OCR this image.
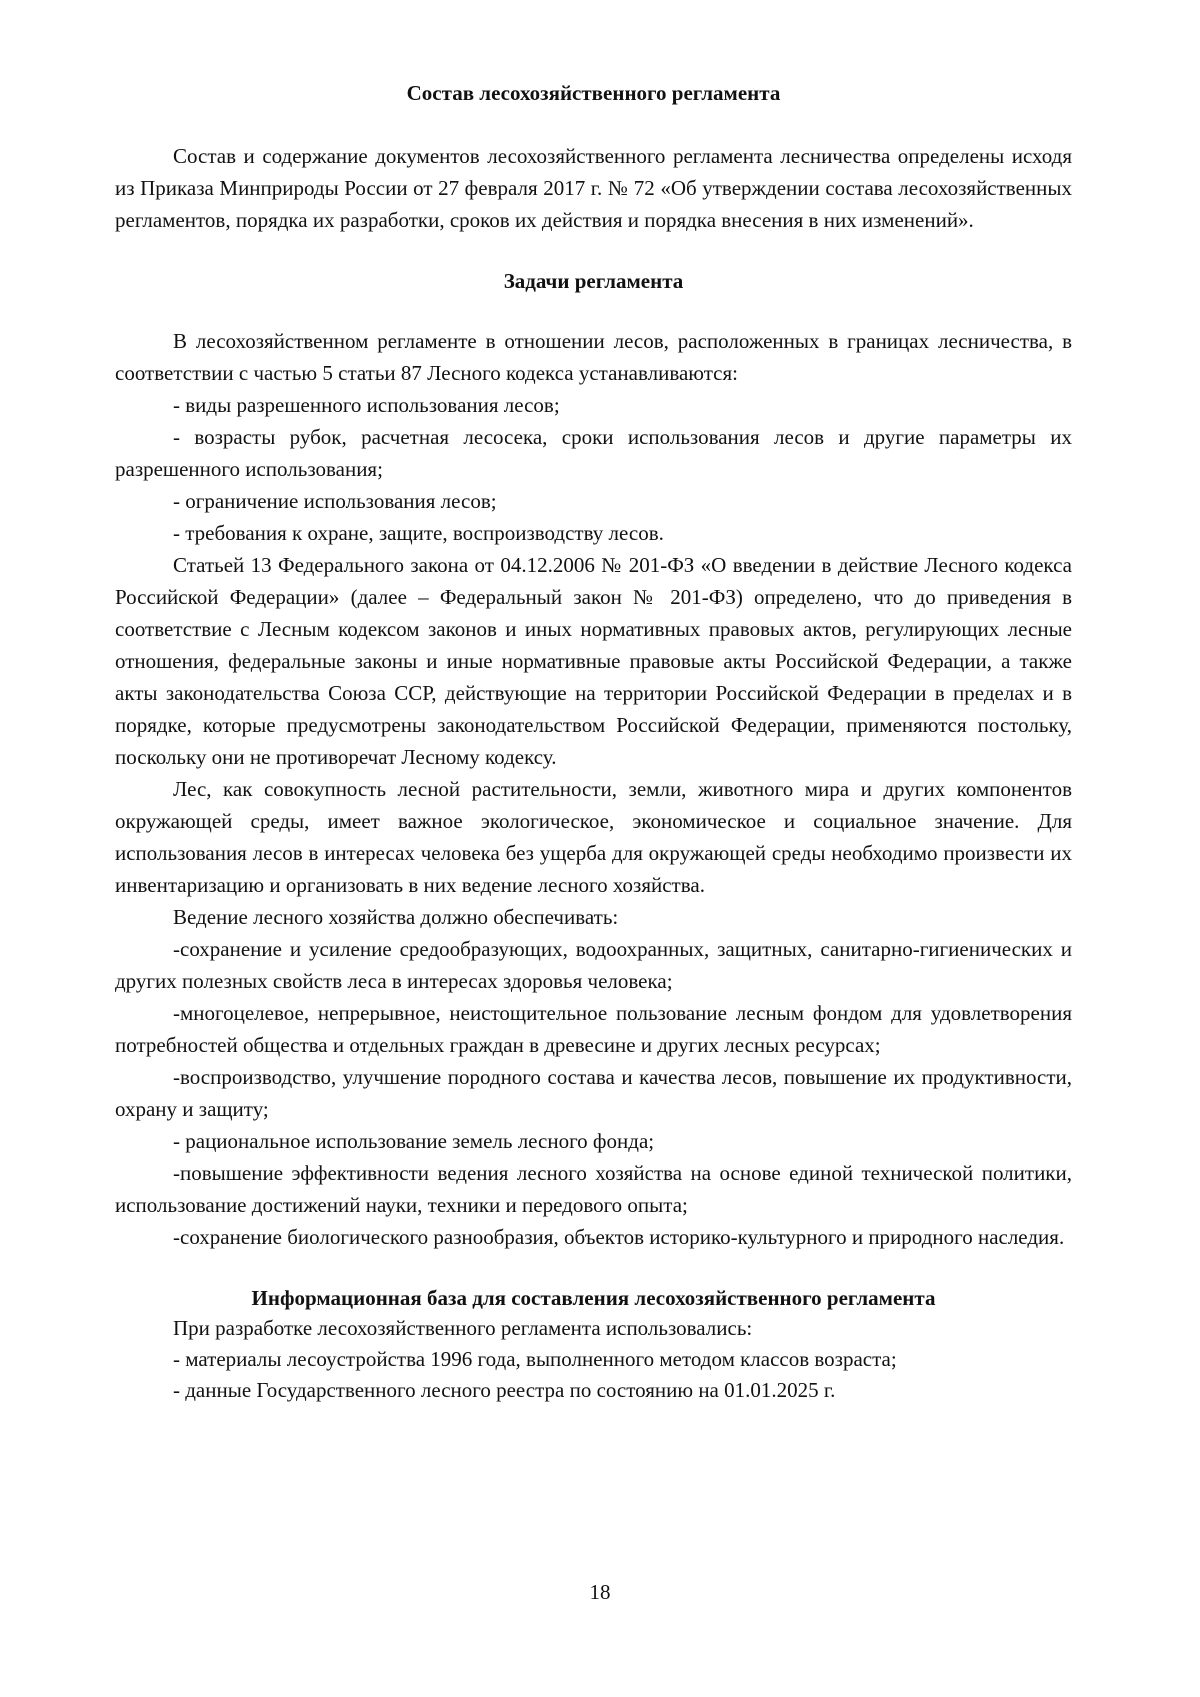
Состав лесохозяйственного регламента

Состав и содержание документов лесохозяйственного регламента лесничества определены исходя из Приказа Минприроды России от 27 февраля 2017 г. № 72 «Об утверждении состава лесохозяйственных регламентов, порядка их разработки, сроков их действия и порядка внесения в них изменений».

Задачи регламента

В лесохозяйственном регламенте в отношении лесов, расположенных в границах лесничества, в соответствии с частью 5 статьи 87 Лесного кодекса устанавливаются:

- виды разрешенного использования лесов;

- возрасты рубок, расчетная лесосека, сроки использования лесов и другие параметры их разрешенного использования;

- ограничение использования лесов;

- требования к охране, защите, воспроизводству лесов.

Статьей 13 Федерального закона от 04.12.2006 № 201-ФЗ «О введении в действие Лесного кодекса Российской Федерации» (далее – Федеральный закон № 201-ФЗ) определено, что до приведения в соответствие с Лесным кодексом законов и иных нормативных правовых актов, регулирующих лесные отношения, федеральные законы и иные нормативные правовые акты Российской Федерации, а также акты законодательства Союза ССР, действующие на территории Российской Федерации в пределах и в порядке, которые предусмотрены законодательством Российской Федерации, применяются постольку, поскольку они не противоречат Лесному кодексу.

Лес, как совокупность лесной растительности, земли, животного мира и других компонентов окружающей среды, имеет важное экологическое, экономическое и социальное значение. Для использования лесов в интересах человека без ущерба для окружающей среды необходимо произвести их инвентаризацию и организовать в них ведение лесного хозяйства.

Ведение лесного хозяйства должно обеспечивать:

-сохранение и усиление средообразующих, водоохранных, защитных, санитарно-гигиенических и других полезных свойств леса в интересах здоровья человека;

-многоцелевое, непрерывное, неистощительное пользование лесным фондом для удовлетворения потребностей общества и отдельных граждан в древесине и других лесных ресурсах;

-воспроизводство, улучшение породного состава и качества лесов, повышение их продуктивности, охрану и защиту;

- рациональное использование земель лесного фонда;

-повышение эффективности ведения лесного хозяйства на основе единой технической политики, использование достижений науки, техники и передового опыта;

-сохранение биологического разнообразия, объектов историко-культурного и природного наследия.

Информационная база для составления лесохозяйственного регламента

При разработке лесохозяйственного регламента использовались:

- материалы лесоустройства 1996 года, выполненного методом классов возраста;

- данные Государственного лесного реестра по состоянию на 01.01.2025 г.

18
